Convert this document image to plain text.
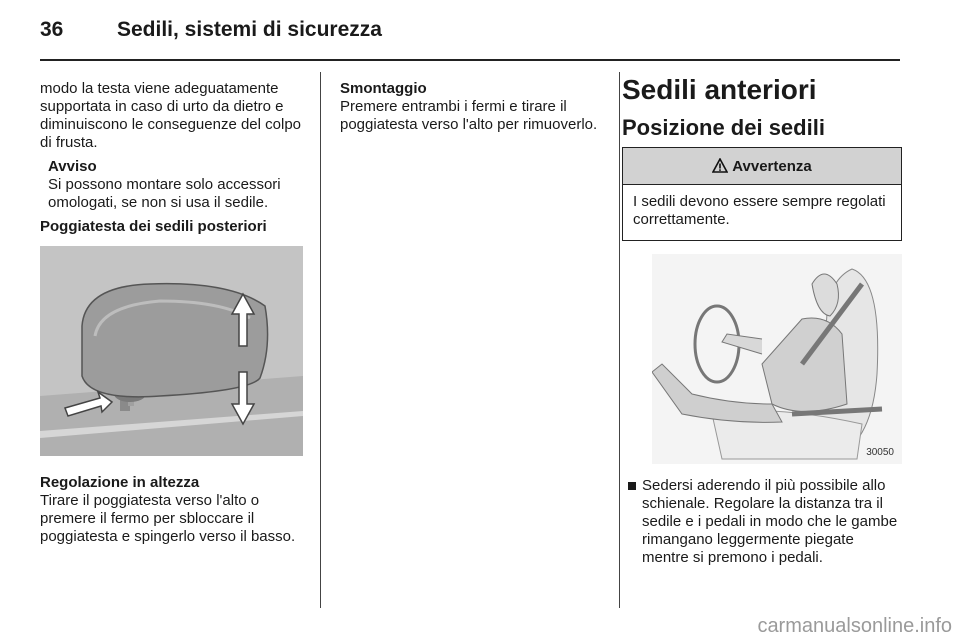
36	Sedili, sistemi di sicurezza

modo la testa viene adeguatamente supportata in caso di urto da dietro e diminuiscono le conseguenze del colpo di frusta.

Avviso

Si possono montare solo accessori omologati, se non si usa il sedile.

Poggiatesta dei sedili posteriori

Regolazione in altezza

Tirare il poggiatesta verso l'alto o premere il fermo per sbloccare il poggiatesta e spingerlo verso il basso.

Smontaggio

Premere entrambi i fermi e tirare il poggiatesta verso l'alto per rimuoverlo.

Sedili anteriori

Posizione dei sedili

Avvertenza
I sedili devono essere sempre regolati correttamente.
30050
Sedersi aderendo il più possibile allo schienale. Regolare la distanza tra il sedile e i pedali in modo che le gambe rimangano leggermente piegate mentre si premono i pedali.
carmanualsonline.info
